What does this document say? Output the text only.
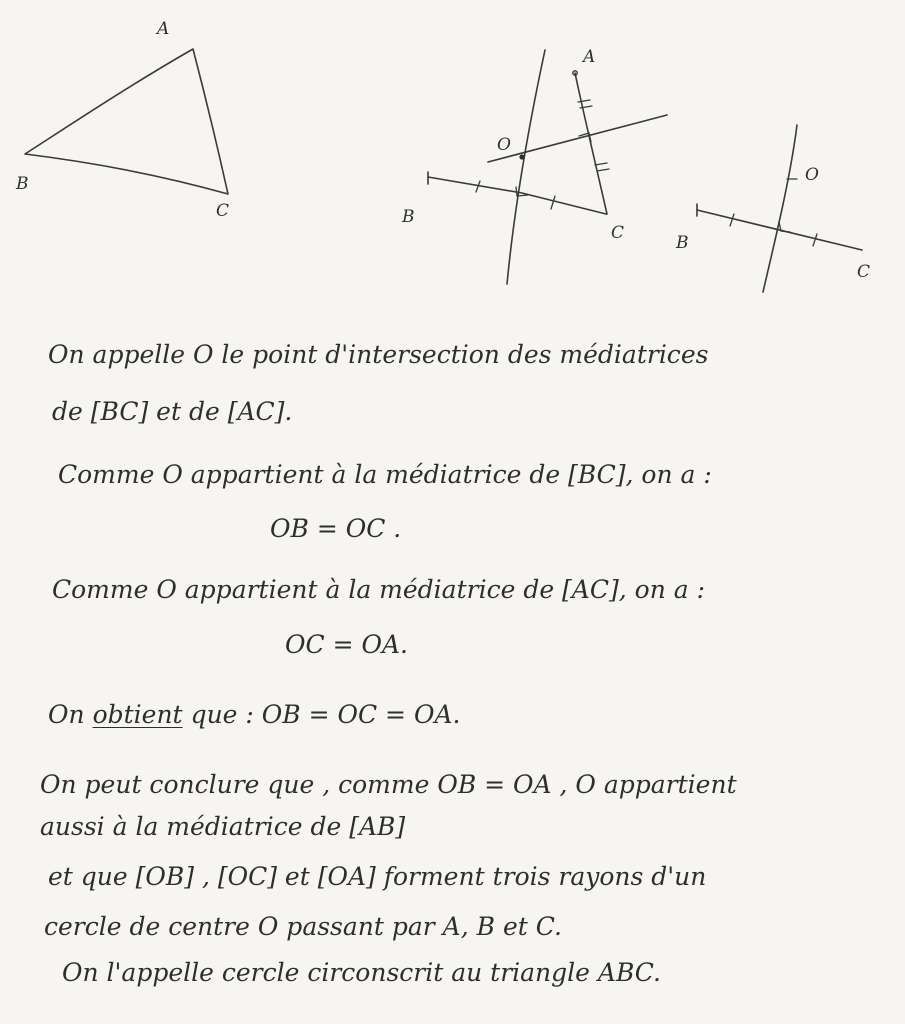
A
B
C
A
O
B
C
O
B
C
On appelle O le point d'intersection des médiatrices
de [BC] et de [AC].
Comme O appartient à la médiatrice de [BC], on a :
OB = OC .
Comme O appartient à la médiatrice de [AC], on a :
OC = OA.
On obtient que : OB = OC = OA.
On peut conclure que , comme OB = OA , O appartient
aussi à la médiatrice de [AB]
et que [OB] , [OC] et [OA] forment trois rayons d'un
cercle de centre O passant par A, B et C.
On l'appelle cercle circonscrit au triangle ABC.
